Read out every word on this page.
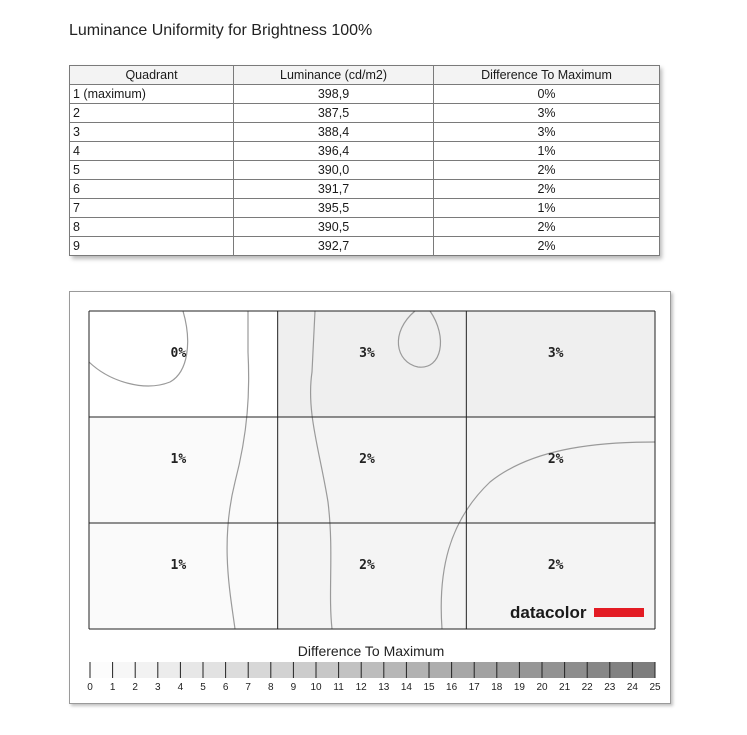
Luminance Uniformity for Brightness 100%
Quadrant	Luminance (cd/m2)	Difference To Maximum
1 (maximum)	398,9	0%
2	387,5	3%
3	388,4	3%
4	396,4	1%
5	390,0	2%
6	391,7	2%
7	395,5	1%
8	390,5	2%
9	392,7	2%
0%	3%	3%
1%	2%	2%
1%	2%	2%
datacolor
Difference To Maximum
0 1 2 3 4 5 6 7 8 9 10 11 12 13 14 15 16 17 18 19 20 21 22 23 24 25
